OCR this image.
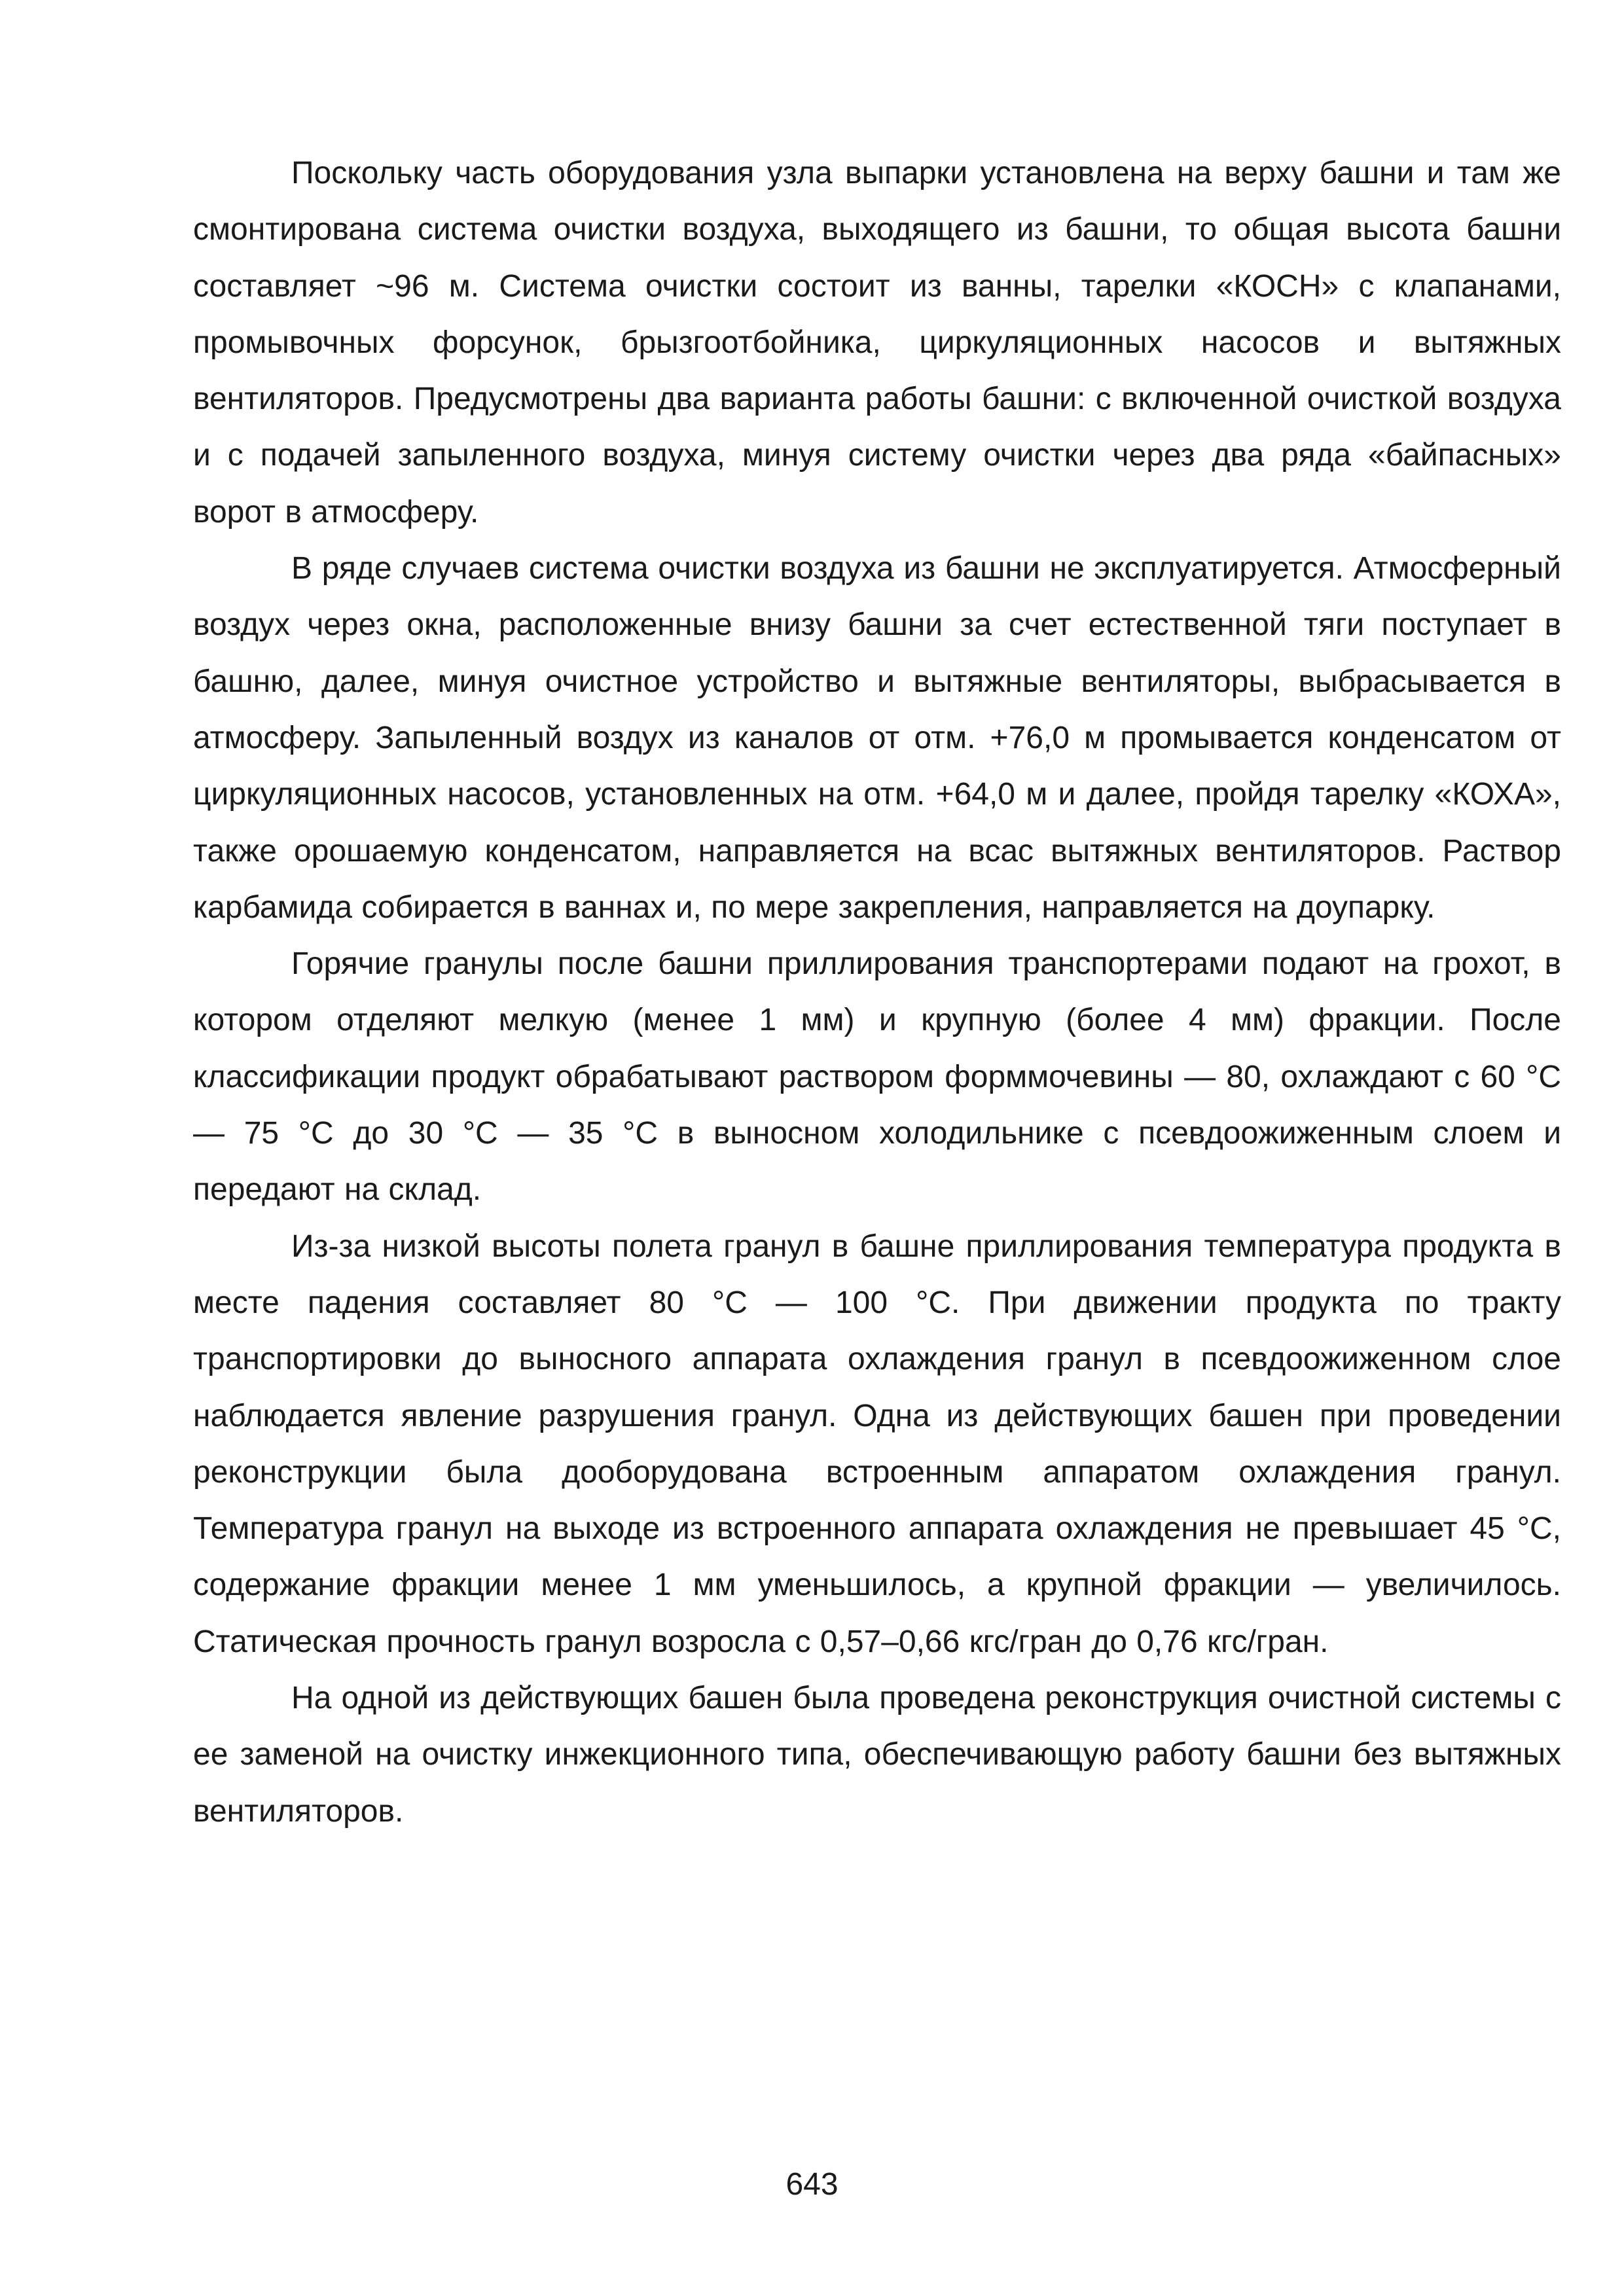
Поскольку часть оборудования узла выпарки установлена на верху башни и там же смонтирована система очистки воздуха, выходящего из башни, то общая высота башни составляет ~96 м. Система очистки состоит из ванны, тарелки «КОСН» с клапанами, промывочных форсунок, брызгоотбойника, циркуляционных насосов и вытяжных вентиляторов. Предусмотрены два варианта работы башни: с включенной очисткой воздуха и с подачей запыленного воздуха, минуя систему очистки через два ряда «байпасных» ворот в атмосферу.

В ряде случаев система очистки воздуха из башни не эксплуатируется. Атмосферный воздух через окна, расположенные внизу башни за счет естественной тяги поступает в башню, далее, минуя очистное устройство и вытяжные вентиляторы, выбрасывается в атмосферу. Запыленный воздух из каналов от отм. +76,0 м промывается конденсатом от циркуляционных насосов, установленных на отм. +64,0 м и далее, пройдя тарелку «КОХА», также орошаемую конденсатом, направляется на всас вытяжных вентиляторов. Раствор карбамида собирается в ваннах и, по мере закрепления, направляется на доупарку.

Горячие гранулы после башни приллирования транспортерами подают на грохот, в котором отделяют мелкую (менее 1 мм) и крупную (более 4 мм) фракции. После классификации продукт обрабатывают раствором форммочевины — 80, охлаждают с 60 °С — 75 °С до 30 °С — 35 °С в выносном холодильнике с псевдоожиженным слоем и передают на склад.

Из-за низкой высоты полета гранул в башне приллирования температура продукта в месте падения составляет 80 °С — 100 °С. При движении продукта по тракту транспортировки до выносного аппарата охлаждения гранул в псевдоожиженном слое наблюдается явление разрушения гранул. Одна из действующих башен при проведении реконструкции была дооборудована встроенным аппаратом охлаждения гранул. Температура гранул на выходе из встроенного аппарата охлаждения не превышает 45 °С, содержание фракции менее 1 мм уменьшилось, а крупной фракции — увеличилось. Статическая прочность гранул возросла с 0,57–0,66 кгс/гран до 0,76 кгс/гран.

На одной из действующих башен была проведена реконструкция очистной системы с ее заменой на очистку инжекционного типа, обеспечивающую работу башни без вытяжных вентиляторов.

643
